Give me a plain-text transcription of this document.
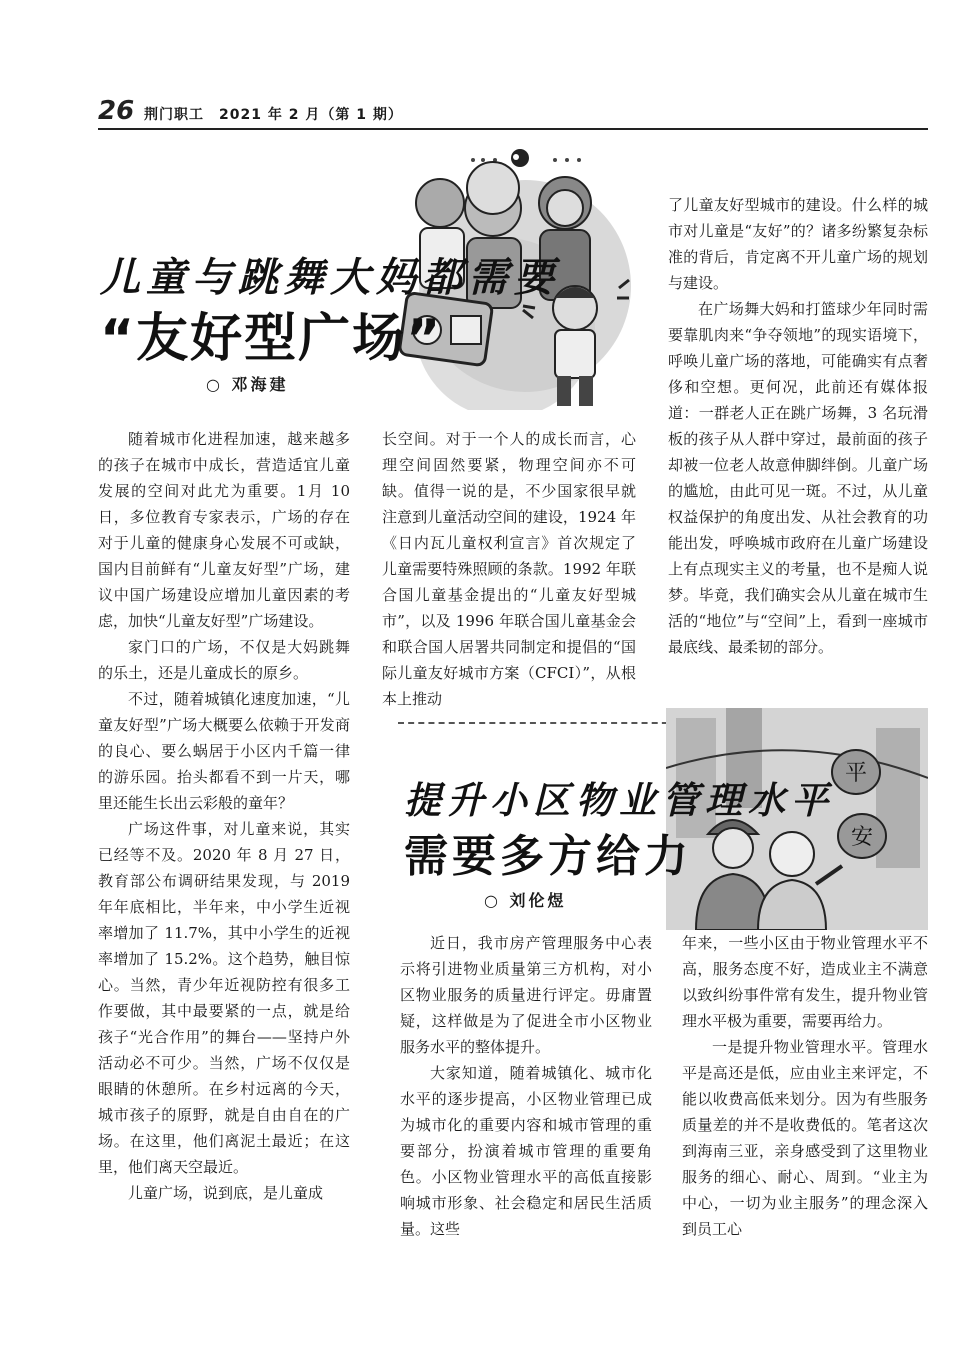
26 荆门职工　2021 年 2 月（第 1 期）
儿童与跳舞大妈都需要
“友好型广场”
○ 邓海建

随着城市化进程加速，越来越多的孩子在城市中成长，营造适宜儿童发展的空间对此尤为重要。1月 10 日，多位教育专家表示，广场的存在对于儿童的健康身心发展不可或缺，国内目前鲜有“儿童友好型”广场，建议中国广场建设应增加儿童因素的考虑，加快“儿童友好型”广场建设。

家门口的广场，不仅是大妈跳舞的乐土，还是儿童成长的原乡。

不过，随着城镇化速度加速，“儿童友好型”广场大概要么依赖于开发商的良心、要么蜗居于小区内千篇一律的游乐园。抬头都看不到一片天，哪里还能生长出云彩般的童年？

广场这件事，对儿童来说，其实已经等不及。2020 年 8 月 27 日，教育部公布调研结果发现，与 2019 年年底相比，半年来，中小学生近视率增加了 11.7%，其中小学生的近视率增加了 15.2%。这个趋势，触目惊心。当然，青少年近视防控有很多工作要做，其中最要紧的一点，就是给孩子“光合作用”的舞台——坚持户外活动必不可少。当然，广场不仅仅是眼睛的休憩所。在乡村远离的今天，城市孩子的原野，就是自由自在的广场。在这里，他们离泥土最近；在这里，他们离天空最近。

儿童广场，说到底，是儿童成

长空间。对于一个人的成长而言，心理空间固然要紧，物理空间亦不可缺。值得一说的是，不少国家很早就注意到儿童活动空间的建设，1924 年《日内瓦儿童权利宣言》首次规定了儿童需要特殊照顾的条款。1992 年联合国儿童基金提出的“儿童友好型城市”，以及 1996 年联合国儿童基金会和联合国人居署共同制定和提倡的“国际儿童友好城市方案（CFCI）”，从根本上推动

了儿童友好型城市的建设。什么样的城市对儿童是“友好”的？诸多纷繁复杂标准的背后，肯定离不开儿童广场的规划与建设。

在广场舞大妈和打篮球少年同时需要靠肌肉来“争夺领地”的现实语境下，呼唤儿童广场的落地，可能确实有点奢侈和空想。更何况，此前还有媒体报道：一群老人正在跳广场舞，3 名玩滑板的孩子从人群中穿过，最前面的孩子却被一位老人故意伸脚绊倒。儿童广场的尴尬，由此可见一斑。不过，从儿童权益保护的角度出发、从社会教育的功能出发，呼唤城市政府在儿童广场建设上有点现实主义的考量，也不是痴人说梦。毕竟，我们确实会从儿童在城市生活的“地位”与“空间”上，看到一座城市最底线、最柔韧的部分。

平
安
提升小区物业管理水平
需要多方给力
○ 刘伦煜

近日，我市房产管理服务中心表示将引进物业质量第三方机构，对小区物业服务的质量进行评定。毋庸置疑，这样做是为了促进全市小区物业服务水平的整体提升。

大家知道，随着城镇化、城市化水平的逐步提高，小区物业管理已成为城市化的重要内容和城市管理的重要部分，扮演着城市管理的重要角色。小区物业管理水平的高低直接影响城市形象、社会稳定和居民生活质量。这些

年来，一些小区由于物业管理水平不高，服务态度不好，造成业主不满意以致纠纷事件常有发生，提升物业管理水平极为重要，需要再给力。

一是提升物业管理水平。管理水平是高还是低，应由业主来评定，不能以收费高低来划分。因为有些服务质量差的并不是收费低的。笔者这次到海南三亚，亲身感受到了这里物业服务的细心、耐心、周到。“业主为中心，一切为业主服务”的理念深入到员工心
